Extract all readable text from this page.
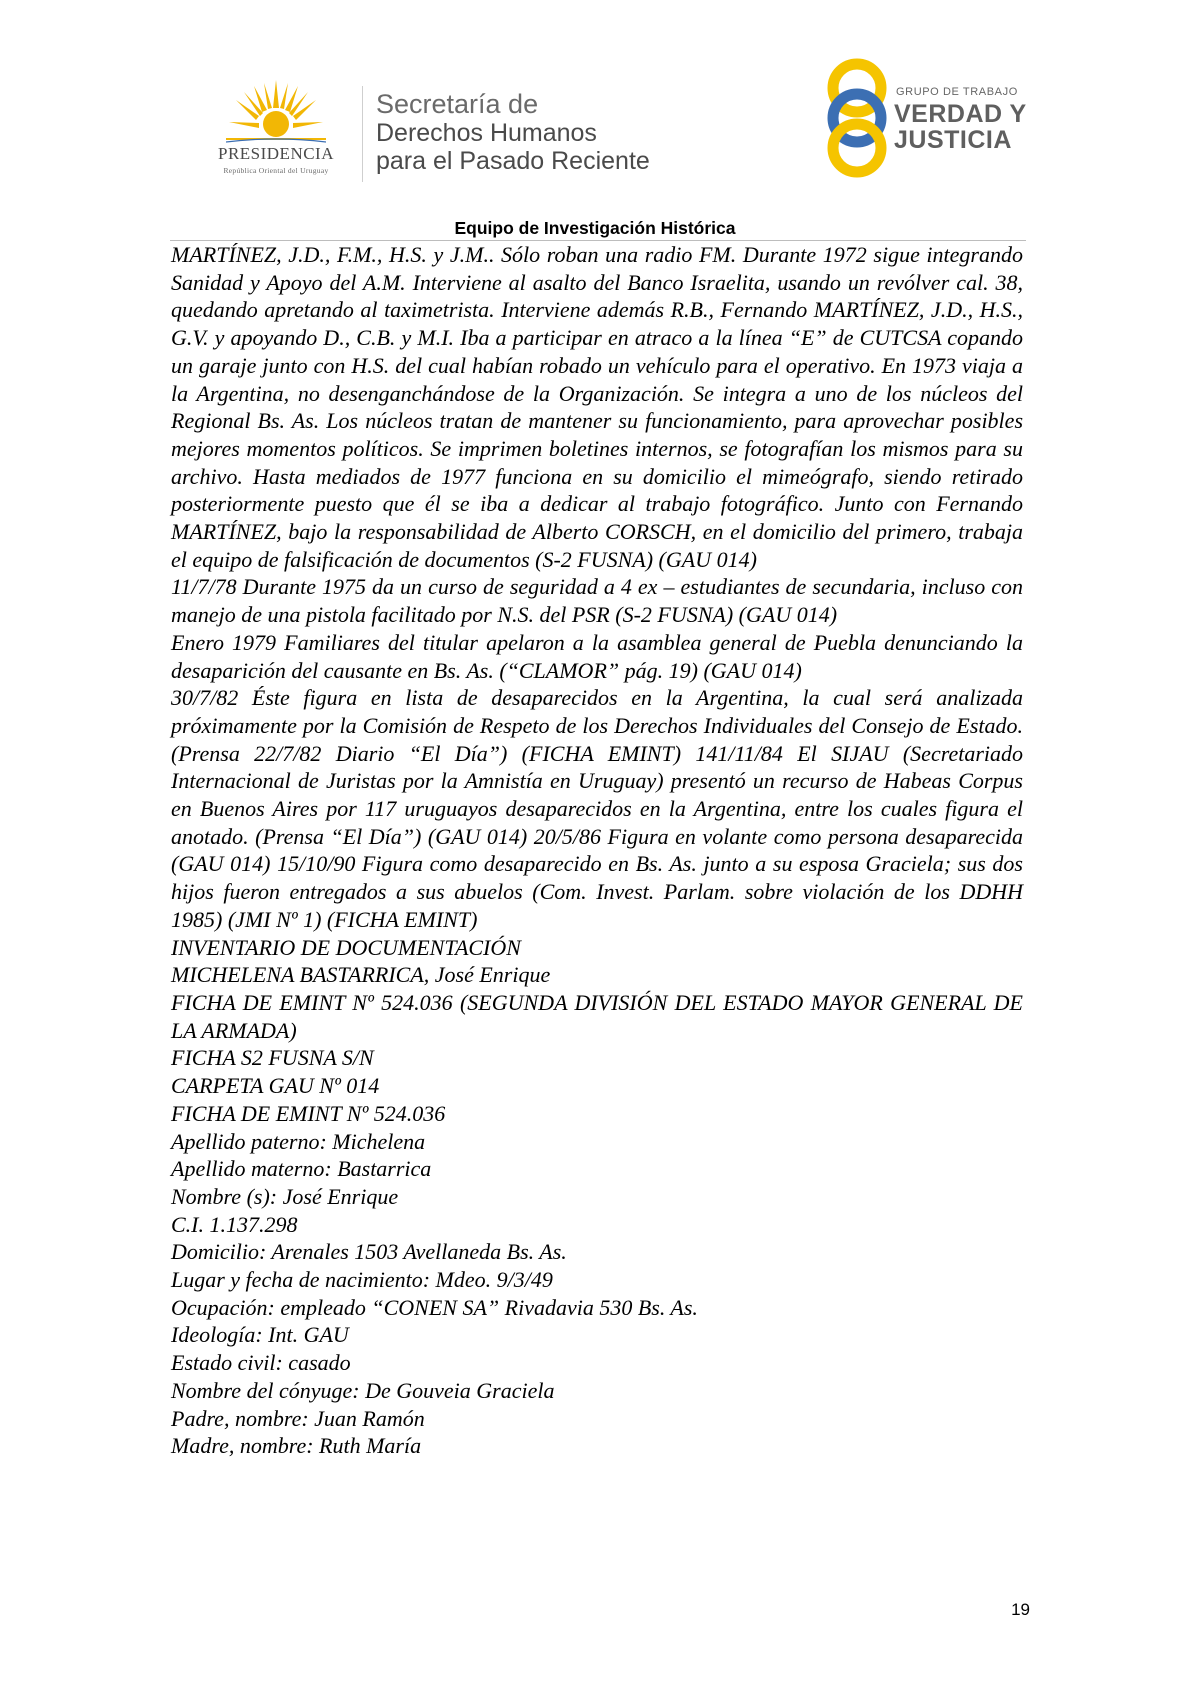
PRESIDENCIA
República Oriental del Uruguay
Secretaría de
Derechos Humanos
para el Pasado Reciente
GRUPO DE TRABAJO
VERDAD Y
JUSTICIA
Equipo de Investigación Histórica

MARTÍNEZ, J.D., F.M., H.S. y J.M.. Sólo roban una radio FM. Durante 1972 sigue integrando Sanidad y Apoyo del A.M. Interviene al asalto del Banco Israelita, usando un revólver cal. 38, quedando apretando al taximetrista. Interviene además R.B., Fernando MARTÍNEZ, J.D., H.S., G.V. y apoyando D., C.B. y M.I. Iba a participar en atraco a la línea “E” de CUTCSA copando un garaje junto con H.S. del cual habían robado un vehículo para el operativo. En 1973 viaja a la Argentina, no desenganchándose de la Organización. Se integra a uno de los núcleos del Regional Bs. As. Los núcleos tratan de mantener su funcionamiento, para aprovechar posibles mejores momentos políticos. Se imprimen boletines internos, se fotografían los mismos para su archivo. Hasta mediados de 1977 funciona en su domicilio el mimeógrafo, siendo retirado posteriormente puesto que él se iba a dedicar al trabajo fotográfico. Junto con Fernando MARTÍNEZ, bajo la responsabilidad de Alberto CORSCH, en el domicilio del primero, trabaja el equipo de falsificación de documentos (S-2 FUSNA) (GAU 014)

11/7/78 Durante 1975 da un curso de seguridad a 4 ex – estudiantes de secundaria, incluso con manejo de una pistola facilitado por N.S. del PSR (S-2 FUSNA) (GAU 014)

Enero 1979 Familiares del titular apelaron a la asamblea general de Puebla denunciando la desaparición del causante en Bs. As. (“CLAMOR” pág. 19) (GAU 014)

30/7/82 Éste figura en lista de desaparecidos en la Argentina, la cual será analizada próximamente por la Comisión de Respeto de los Derechos Individuales del Consejo de Estado. (Prensa 22/7/82 Diario “El Día”) (FICHA EMINT) 141/11/84 El SIJAU (Secretariado Internacional de Juristas por la Amnistía en Uruguay) presentó un recurso de Habeas Corpus en Buenos Aires por 117 uruguayos desaparecidos en la Argentina, entre los cuales figura el anotado. (Prensa “El Día”) (GAU 014) 20/5/86 Figura en volante como persona desaparecida (GAU 014) 15/10/90 Figura como desaparecido en Bs. As. junto a su esposa Graciela; sus dos hijos fueron entregados a sus abuelos (Com. Invest. Parlam. sobre violación de los DDHH 1985) (JMI Nº 1) (FICHA EMINT)

INVENTARIO DE DOCUMENTACIÓN

MICHELENA BASTARRICA, José Enrique

FICHA DE EMINT Nº 524.036 (SEGUNDA DIVISIÓN DEL ESTADO MAYOR GENERAL DE LA ARMADA)

FICHA S2 FUSNA S/N

CARPETA GAU Nº 014

FICHA DE EMINT Nº 524.036

Apellido paterno: Michelena

Apellido materno: Bastarrica

Nombre (s): José Enrique

C.I. 1.137.298

Domicilio: Arenales 1503 Avellaneda Bs. As.

Lugar y fecha de nacimiento: Mdeo. 9/3/49

Ocupación: empleado “CONEN SA” Rivadavia 530 Bs. As.

Ideología: Int. GAU

Estado civil: casado

Nombre del cónyuge: De Gouveia Graciela

Padre, nombre: Juan Ramón

Madre, nombre: Ruth María

19
